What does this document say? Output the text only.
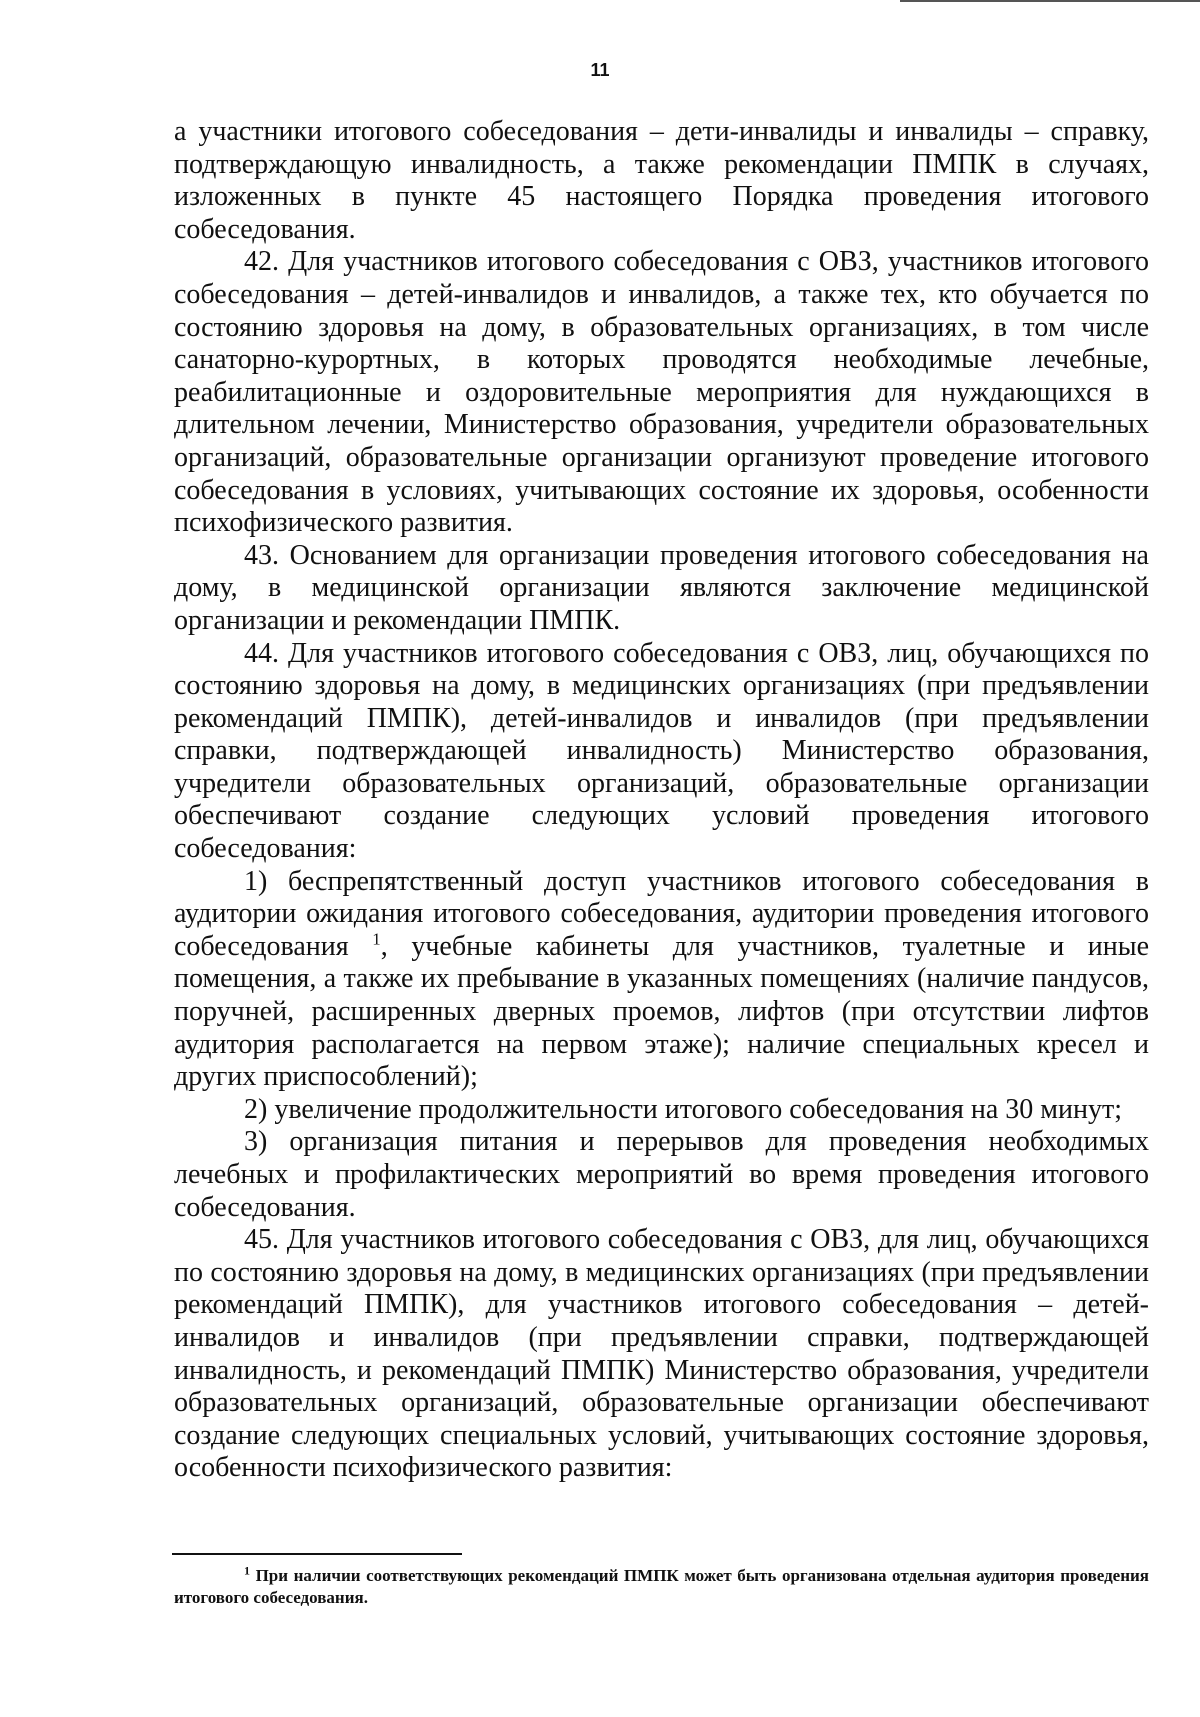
11

а участники итогового собеседования – дети-инвалиды и инвалиды – справку, подтверждающую инвалидность, а также рекомендации ПМПК в случаях, изложенных в пункте 45 настоящего Порядка проведения итогового собеседования.

42. Для участников итогового собеседования с ОВЗ, участников итогового собеседования – детей-инвалидов и инвалидов, а также тех, кто обучается по состоянию здоровья на дому, в образовательных организациях, в том числе санаторно-курортных, в которых проводятся необходимые лечебные, реабилитационные и оздоровительные мероприятия для нуждающихся в длительном лечении, Министерство образования, учредители образовательных организаций, образовательные организации организуют проведение итогового собеседования в условиях, учитывающих состояние их здоровья, особенности психофизического развития.

43. Основанием для организации проведения итогового собеседования на дому, в медицинской организации являются заключение медицинской организации и рекомендации ПМПК.

44. Для участников итогового собеседования с ОВЗ, лиц, обучающихся по состоянию здоровья на дому, в медицинских организациях (при предъявлении рекомендаций ПМПК), детей-инвалидов и инвалидов (при предъявлении справки, подтверждающей инвалидность) Министерство образования, учредители образовательных организаций, образовательные организации обеспечивают создание следующих условий проведения итогового собеседования:

1) беспрепятственный доступ участников итогового собеседования в аудитории ожидания итогового собеседования, аудитории проведения итогового собеседования $^1$, учебные кабинеты для участников, туалетные и иные помещения, а также их пребывание в указанных помещениях (наличие пандусов, поручней, расширенных дверных проемов, лифтов (при отсутствии лифтов аудитория располагается на первом этаже); наличие специальных кресел и других приспособлений);

2) увеличение продолжительности итогового собеседования на 30 минут;

3) организация питания и перерывов для проведения необходимых лечебных и профилактических мероприятий во время проведения итогового собеседования.

45. Для участников итогового собеседования с ОВЗ, для лиц, обучающихся по состоянию здоровья на дому, в медицинских организациях (при предъявлении рекомендаций ПМПК), для участников итогового собеседования – детей-инвалидов и инвалидов (при предъявлении справки, подтверждающей инвалидность, и рекомендаций ПМПК) Министерство образования, учредители образовательных организаций, образовательные организации обеспечивают создание следующих специальных условий, учитывающих состояние здоровья, особенности психофизического развития:

$^1$ При наличии соответствующих рекомендаций ПМПК может быть организована отдельная аудитория проведения итогового собеседования.
